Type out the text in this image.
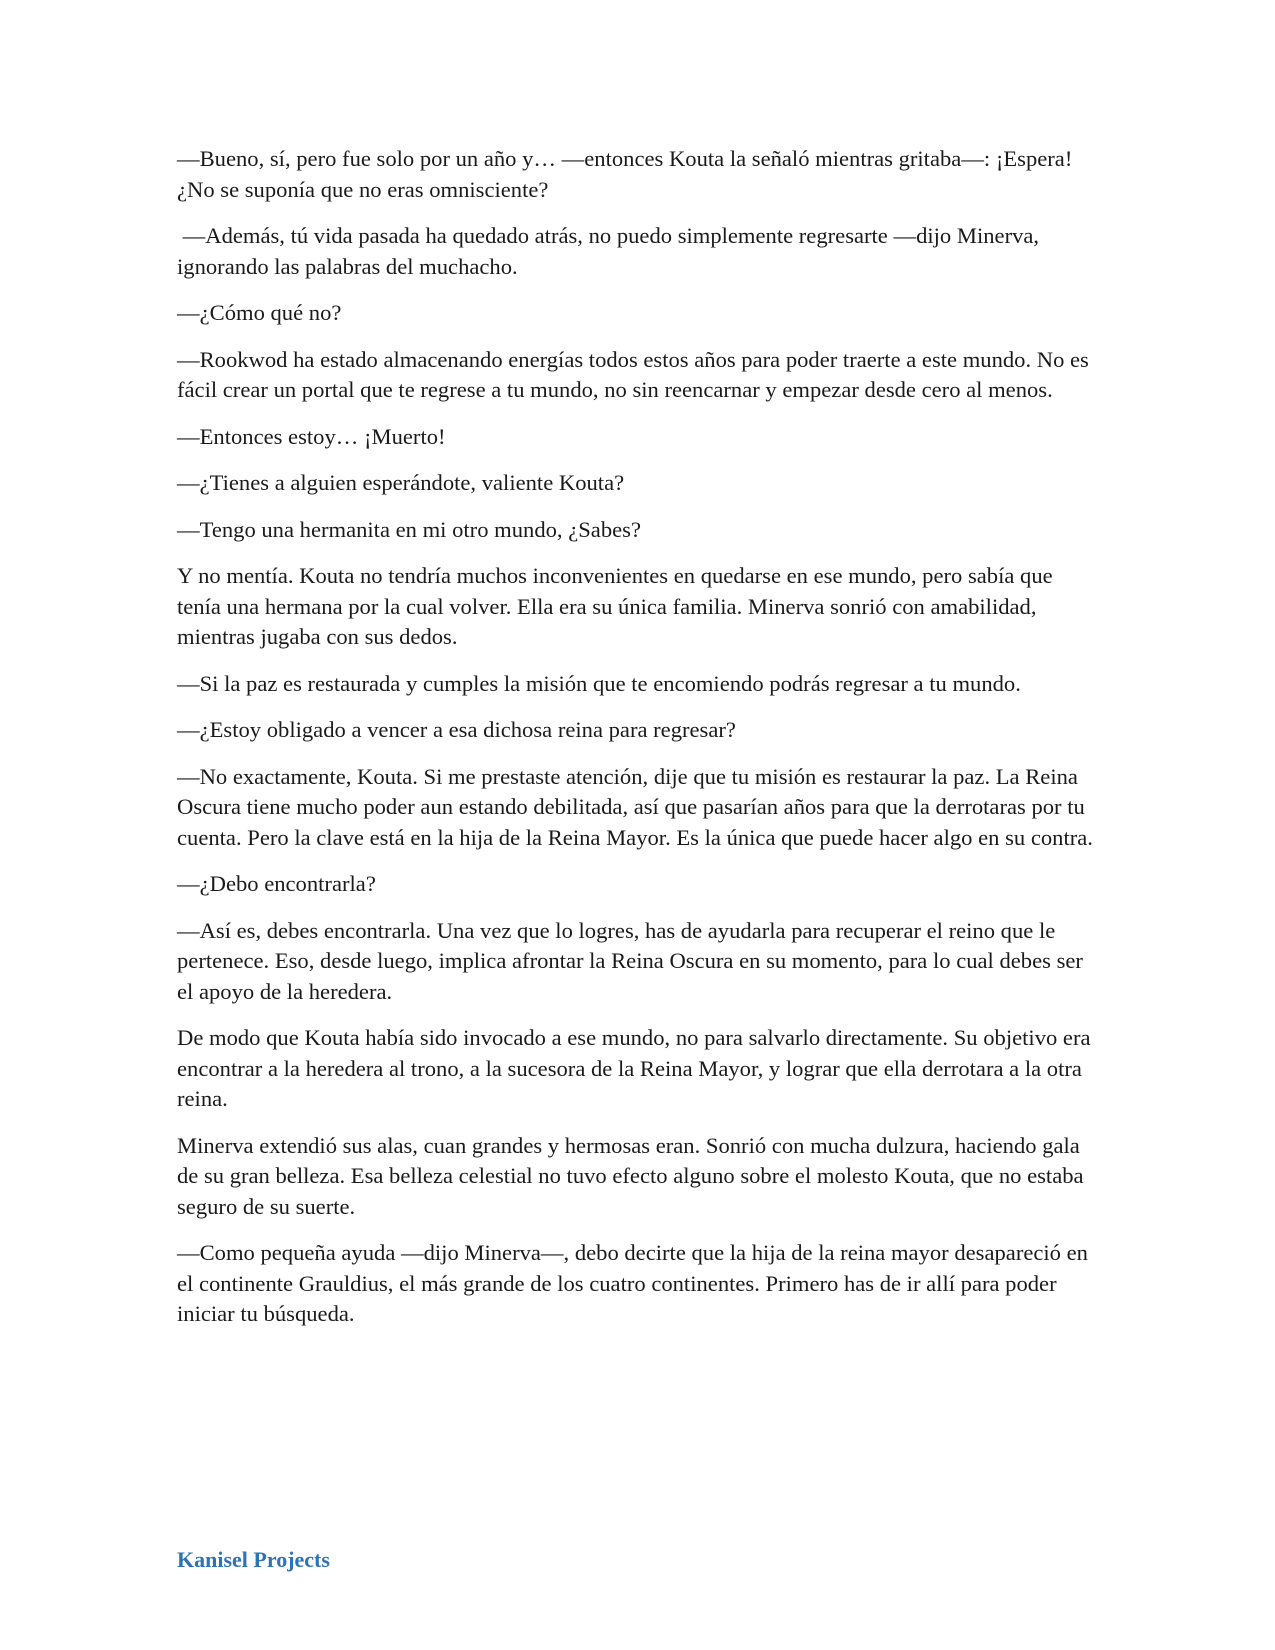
—Bueno, sí, pero fue solo por un año y… —entonces Kouta la señaló mientras gritaba—: ¡Espera! ¿No se suponía que no eras omnisciente?

—Además, tú vida pasada ha quedado atrás, no puedo simplemente regresarte —dijo Minerva, ignorando las palabras del muchacho.

—¿Cómo qué no?

—Rookwod ha estado almacenando energías todos estos años para poder traerte a este mundo. No es fácil crear un portal que te regrese a tu mundo, no sin reencarnar y empezar desde cero al menos.

—Entonces estoy… ¡Muerto!

—¿Tienes a alguien esperándote, valiente Kouta?

—Tengo una hermanita en mi otro mundo, ¿Sabes?

Y no mentía. Kouta no tendría muchos inconvenientes en quedarse en ese mundo, pero sabía que tenía una hermana por la cual volver. Ella era su única familia. Minerva sonrió con amabilidad, mientras jugaba con sus dedos.

—Si la paz es restaurada y cumples la misión que te encomiendo podrás regresar a tu mundo.

—¿Estoy obligado a vencer a esa dichosa reina para regresar?

—No exactamente, Kouta. Si me prestaste atención, dije que tu misión es restaurar la paz. La Reina Oscura tiene mucho poder aun estando debilitada, así que pasarían años para que la derrotaras por tu cuenta. Pero la clave está en la hija de la Reina Mayor. Es la única que puede hacer algo en su contra.

—¿Debo encontrarla?

—Así es, debes encontrarla. Una vez que lo logres, has de ayudarla para recuperar el reino que le pertenece. Eso, desde luego, implica afrontar la Reina Oscura en su momento, para lo cual debes ser el apoyo de la heredera.

De modo que Kouta había sido invocado a ese mundo, no para salvarlo directamente. Su objetivo era encontrar a la heredera al trono, a la sucesora de la Reina Mayor, y lograr que ella derrotara a la otra reina.

Minerva extendió sus alas, cuan grandes y hermosas eran. Sonrió con mucha dulzura, haciendo gala de su gran belleza. Esa belleza celestial no tuvo efecto alguno sobre el molesto Kouta, que no estaba seguro de su suerte.

—Como pequeña ayuda —dijo Minerva—, debo decirte que la hija de la reina mayor desapareció en el continente Grauldius, el más grande de los cuatro continentes. Primero has de ir allí para poder iniciar tu búsqueda.

Kanisel Projects
